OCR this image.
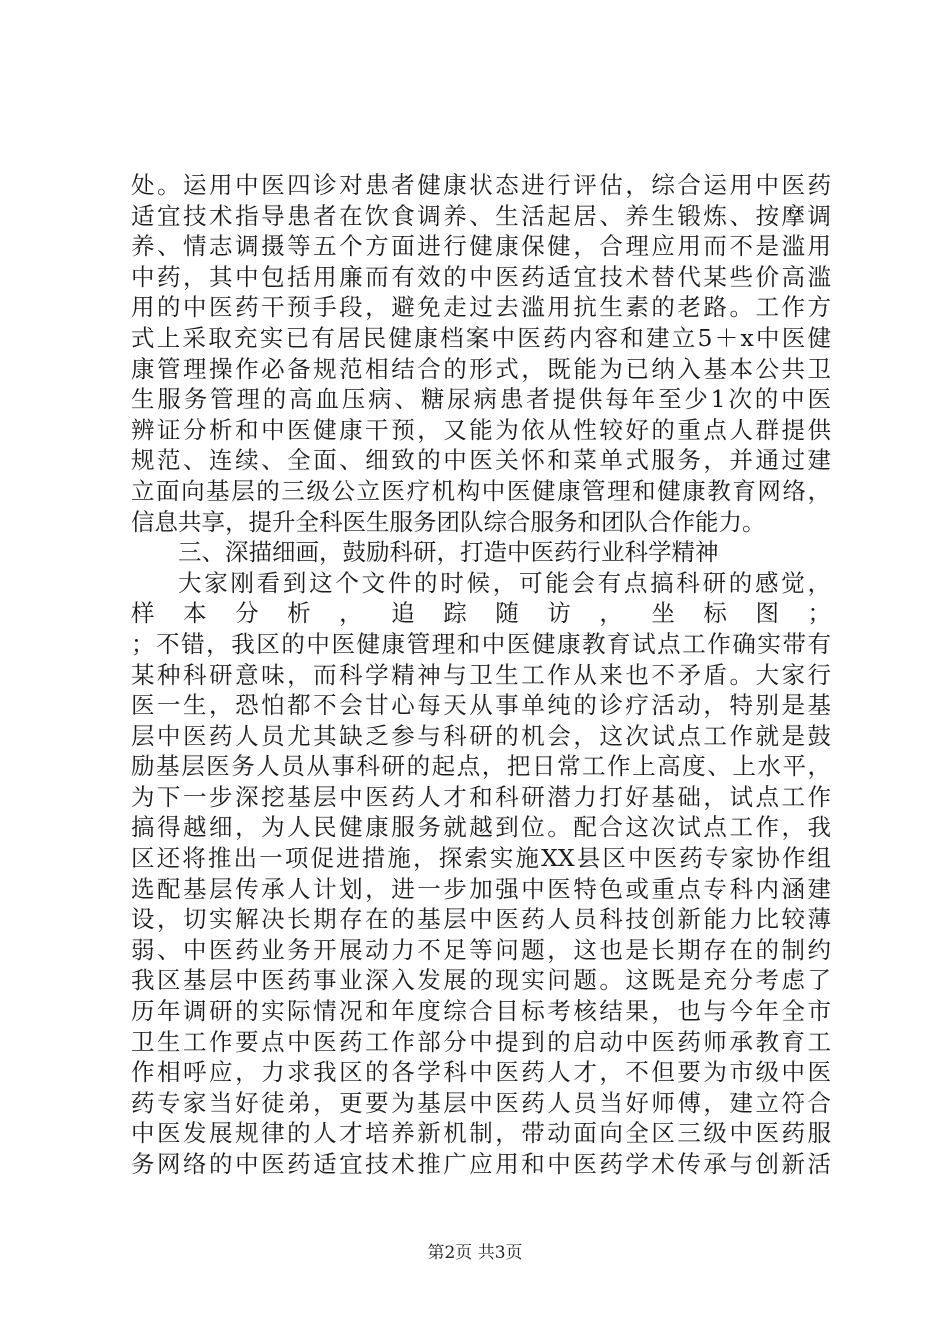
处。运用中医四诊对患者健康状态进行评估，综合运用中医药
适宜技术指导患者在饮食调养、生活起居、养生锻炼、按摩调
养、情志调摄等五个方面进行健康保健，合理应用而不是滥用
中药，其中包括用廉而有效的中医药适宜技术替代某些价高滥
用的中医药干预手段，避免走过去滥用抗生素的老路。工作方
式上采取充实已有居民健康档案中医药内容和建立5＋x中医健
康管理操作必备规范相结合的形式，既能为已纳入基本公共卫
生服务管理的高血压病、糖尿病患者提供每年至少1次的中医
辨证分析和中医健康干预，又能为依从性较好的重点人群提供
规范、连续、全面、细致的中医关怀和菜单式服务，并通过建
立面向基层的三级公立医疗机构中医健康管理和健康教育网络，
信息共享，提升全科医生服务团队综合服务和团队合作能力。
三、深描细画，鼓励科研，打造中医药行业科学精神
大家刚看到这个文件的时候，可能会有点搞科研的感觉，
样 本 分 析 ， 追 踪 随 访 ， 坐 标 图 ；
；不错，我区的中医健康管理和中医健康教育试点工作确实带有
某种科研意味，而科学精神与卫生工作从来也不矛盾。大家行
医一生，恐怕都不会甘心每天从事单纯的诊疗活动，特别是基
层中医药人员尤其缺乏参与科研的机会，这次试点工作就是鼓
励基层医务人员从事科研的起点，把日常工作上高度、上水平，
为下一步深挖基层中医药人才和科研潜力打好基础，试点工作
搞得越细，为人民健康服务就越到位。配合这次试点工作，我
区还将推出一项促进措施，探索实施XX县区中医药专家协作组
选配基层传承人计划，进一步加强中医特色或重点专科内涵建
设，切实解决长期存在的基层中医药人员科技创新能力比较薄
弱、中医药业务开展动力不足等问题，这也是长期存在的制约
我区基层中医药事业深入发展的现实问题。这既是充分考虑了
历年调研的实际情况和年度综合目标考核结果，也与今年全市
卫生工作要点中医药工作部分中提到的启动中医药师承教育工
作相呼应，力求我区的各学科中医药人才，不但要为市级中医
药专家当好徒弟，更要为基层中医药人员当好师傅，建立符合
中医发展规律的人才培养新机制，带动面向全区三级中医药服
务网络的中医药适宜技术推广应用和中医药学术传承与创新活
第2页 共3页
